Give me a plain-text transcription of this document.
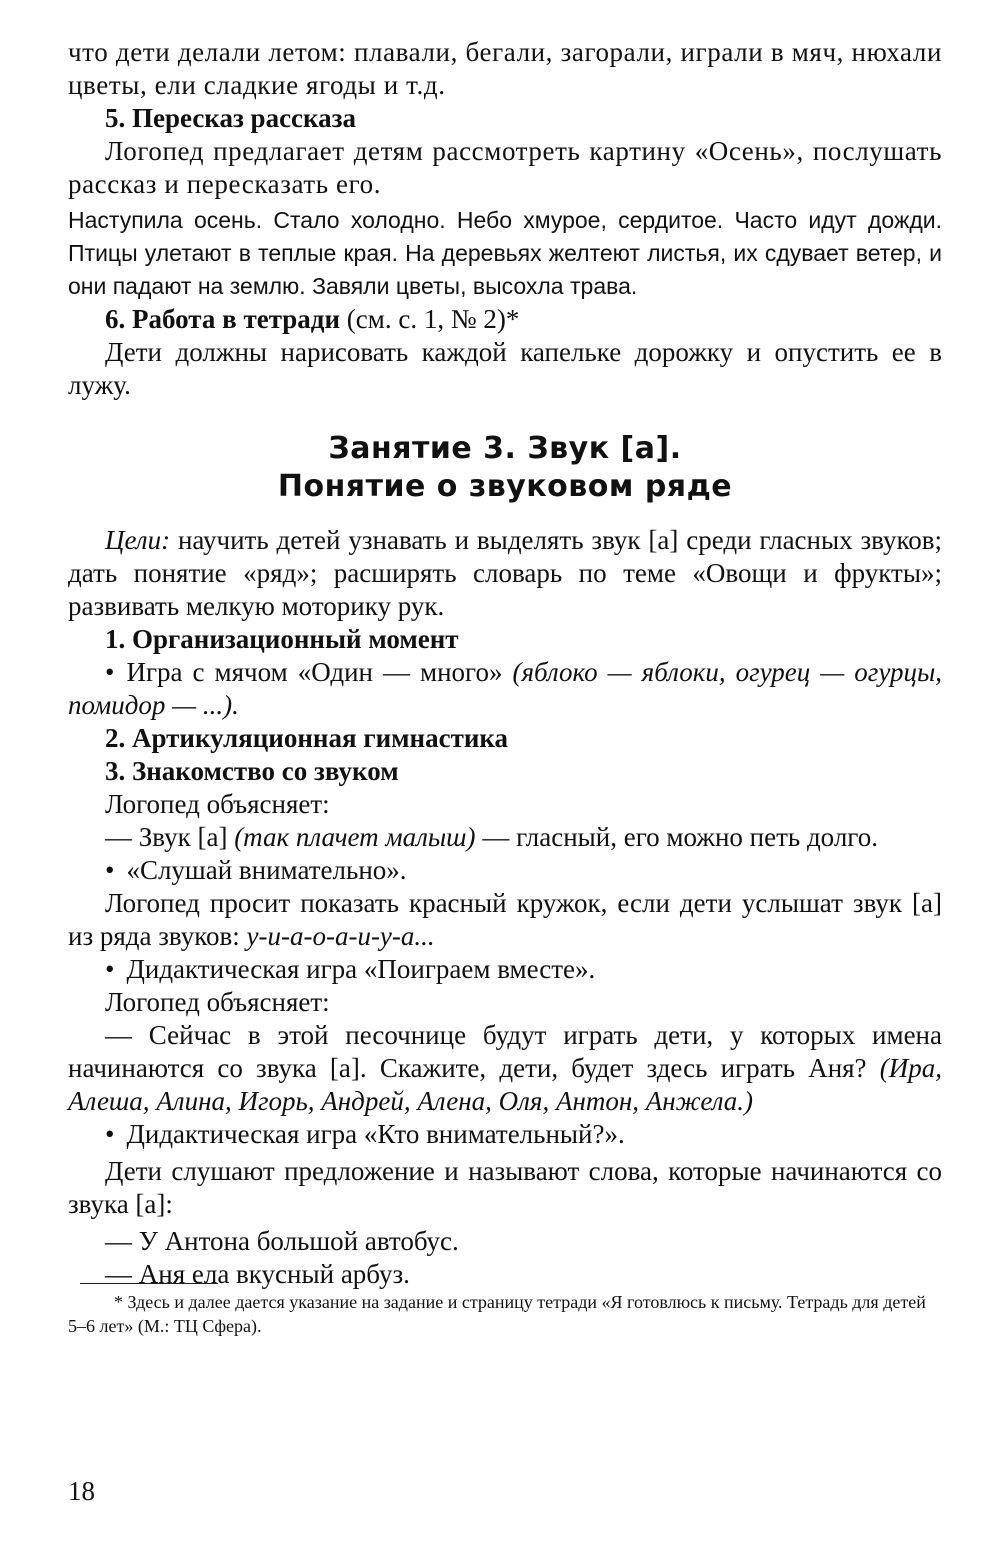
что дети делали летом: плавали, бегали, загорали, играли в мяч, нюхали цветы, ели сладкие ягоды и т.д.

5. Пересказ рассказа

Логопед предлагает детям рассмотреть картину «Осень», послушать рассказ и пересказать его.

Наступила осень. Стало холодно. Небо хмурое, сердитое. Часто идут дожди. Птицы улетают в теплые края. На деревьях желтеют листья, их сдувает ветер, и они падают на землю. Завяли цветы, высохла трава.

6. Работа в тетради (см. с. 1, № 2)*

Дети должны нарисовать каждой капельке дорожку и опустить ее в лужу.

Занятие 3. Звук [а].
Понятие о звуковом ряде

Цели: научить детей узнавать и выделять звук [а] среди гласных звуков; дать понятие «ряд»; расширять словарь по теме «Овощи и фрукты»; развивать мелкую моторику рук.

1. Организационный момент

• Игра с мячом «Один — много» (яблоко — яблоки, огурец — огурцы, помидор — ...).

2. Артикуляционная гимнастика

3. Знакомство со звуком

Логопед объясняет:

— Звук [а] (так плачет малыш) — гласный, его можно петь долго.

• «Слушай внимательно».

Логопед просит показать красный кружок, если дети услышат звук [а] из ряда звуков: у-и-а-о-а-и-у-а...

• Дидактическая игра «Поиграем вместе».

Логопед объясняет:

— Сейчас в этой песочнице будут играть дети, у которых имена начинаются со звука [а]. Скажите, дети, будет здесь играть Аня? (Ира, Алеша, Алина, Игорь, Андрей, Алена, Оля, Антон, Анжела.)

• Дидактическая игра «Кто внимательный?».

Дети слушают предложение и называют слова, которые начинаются со звука [а]:

— У Антона большой автобус.

— Аня ела вкусный арбуз.

* Здесь и далее дается указание на задание и страницу тетради «Я готовлюсь к письму. Тетрадь для детей 5–6 лет» (М.: ТЦ Сфера).

18
